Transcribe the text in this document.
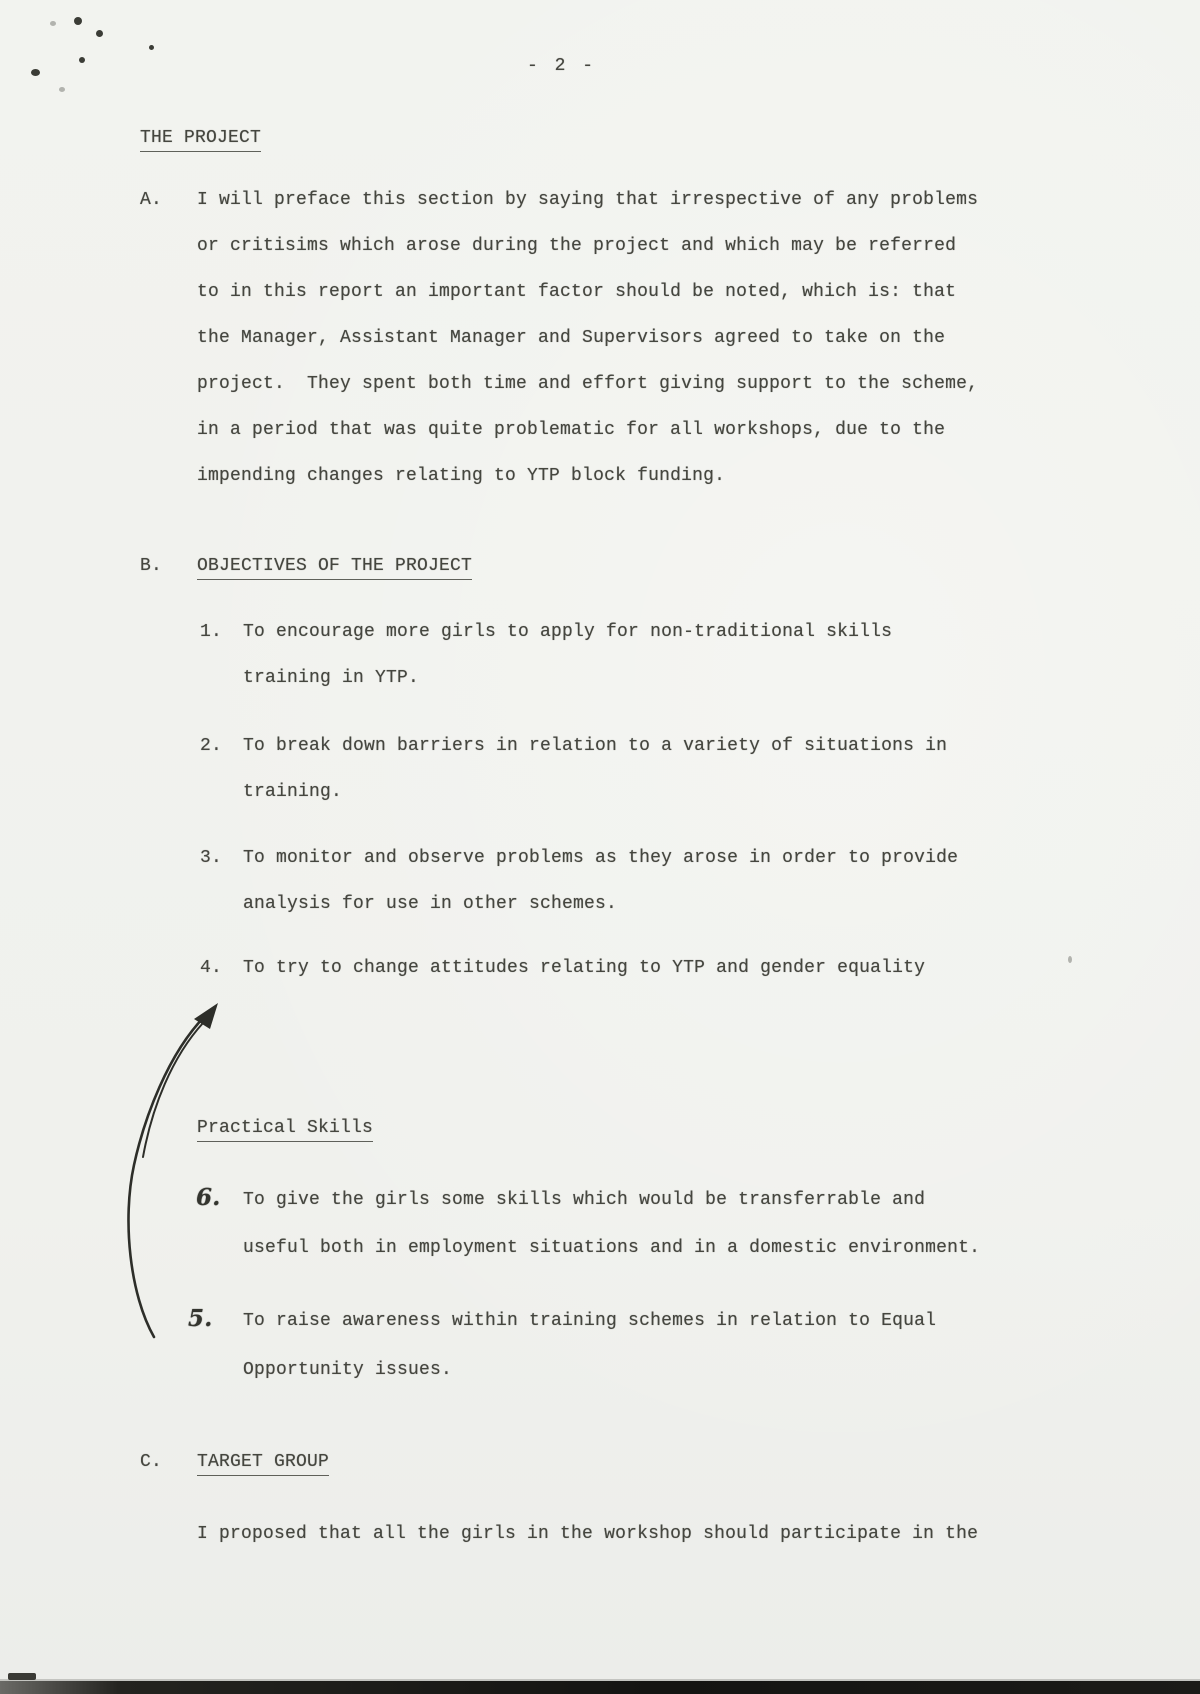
- 2 -
THE PROJECT
A. I will preface this section by saying that irrespective of any problems
or critisims which arose during the project and which may be referred
to in this report an important factor should be noted, which is: that
the Manager, Assistant Manager and Supervisors agreed to take on the
project.  They spent both time and effort giving support to the scheme,
in a period that was quite problematic for all workshops, due to the
impending changes relating to YTP block funding.
B. OBJECTIVES OF THE PROJECT
1. To encourage more girls to apply for non-traditional skills
training in YTP.
2. To break down barriers in relation to a variety of situations in
training.
3. To monitor and observe problems as they arose in order to provide
analysis for use in other schemes.
4. To try to change attitudes relating to YTP and gender equality
Practical Skills
6. To give the girls some skills which would be transferrable and
useful both in employment situations and in a domestic environment.
5. To raise awareness within training schemes in relation to Equal
Opportunity issues.
C. TARGET GROUP
I proposed that all the girls in the workshop should participate in the
